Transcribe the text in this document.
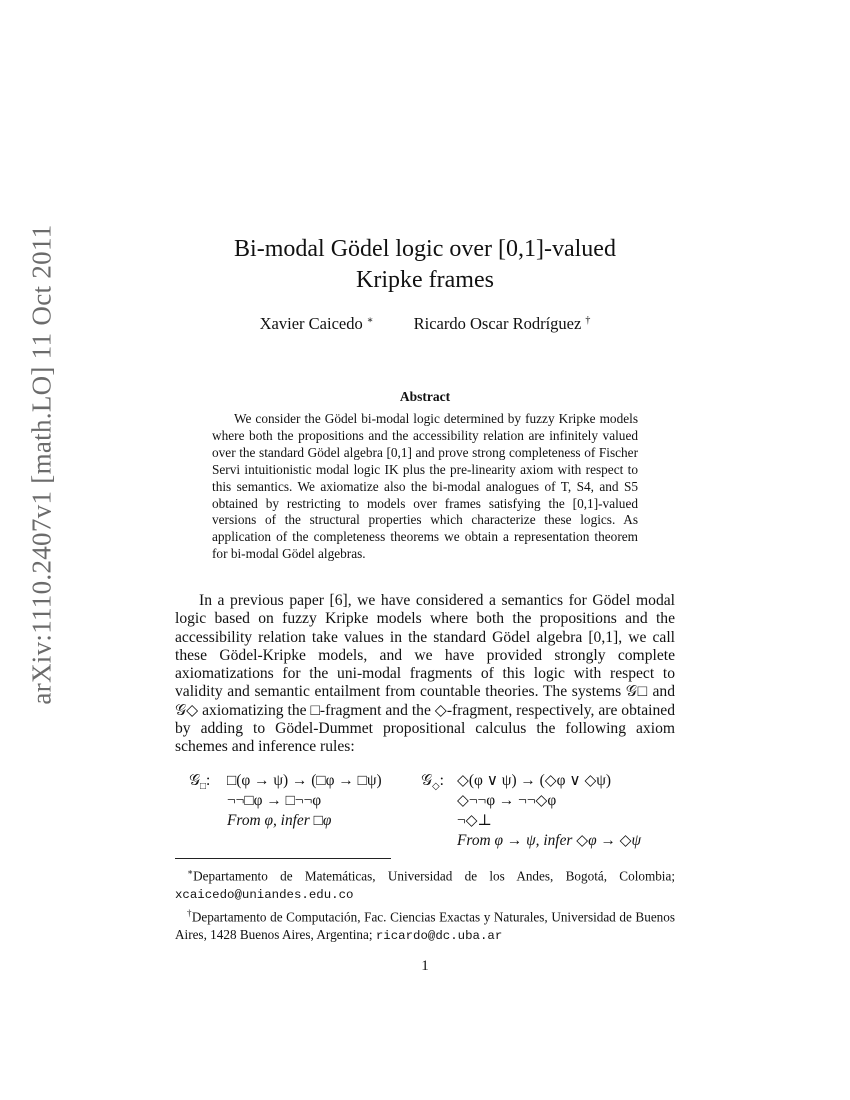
arXiv:1110.2407v1 [math.LO] 11 Oct 2011	Bi-modal Gödel logic over [0,1]-valued
Kripke frames
Xavier Caicedo ∗ Ricardo Oscar Rodríguez †
Abstract

We consider the Gödel bi-modal logic determined by fuzzy Kripke models where both the propositions and the accessibility relation are infinitely valued over the standard Gödel algebra [0,1] and prove strong completeness of Fischer Servi intuitionistic modal logic IK plus the pre-linearity axiom with respect to this semantics. We axiomatize also the bi-modal analogues of T, S4, and S5 obtained by restricting to models over frames satisfying the [0,1]-valued versions of the structural properties which characterize these logics. As application of the completeness theorems we obtain a representation theorem for bi-modal Gödel algebras.

In a previous paper [6], we have considered a semantics for Gödel modal logic based on fuzzy Kripke models where both the propositions and the accessibility relation take values in the standard Gödel algebra [0,1], we call these Gödel-Kripke models, and we have provided strongly complete axiomatizations for the uni-modal fragments of this logic with respect to validity and semantic entailment from countable theories. The systems 𝒢□ and 𝒢◇ axiomatizing the □-fragment and the ◇-fragment, respectively, are obtained by adding to Gödel-Dummet propositional calculus the following axiom schemes and inference rules:

𝒢$_□$: □(φ → ψ) → (□φ → □ψ)
¬¬□φ → □¬¬φ
From φ, infer □φ
𝒢$_◇$: ◇(φ ∨ ψ) → (◇φ ∨ ◇ψ)
◇¬¬φ → ¬¬◇φ
¬◇⊥
From φ → ψ, infer ◇φ → ◇ψ

∗Departamento de Matemáticas, Universidad de los Andes, Bogotá, Colombia; xcaicedo@uniandes.edu.co

†Departamento de Computación, Fac. Ciencias Exactas y Naturales, Universidad de Buenos Aires, 1428 Buenos Aires, Argentina; ricardo@dc.uba.ar

1
